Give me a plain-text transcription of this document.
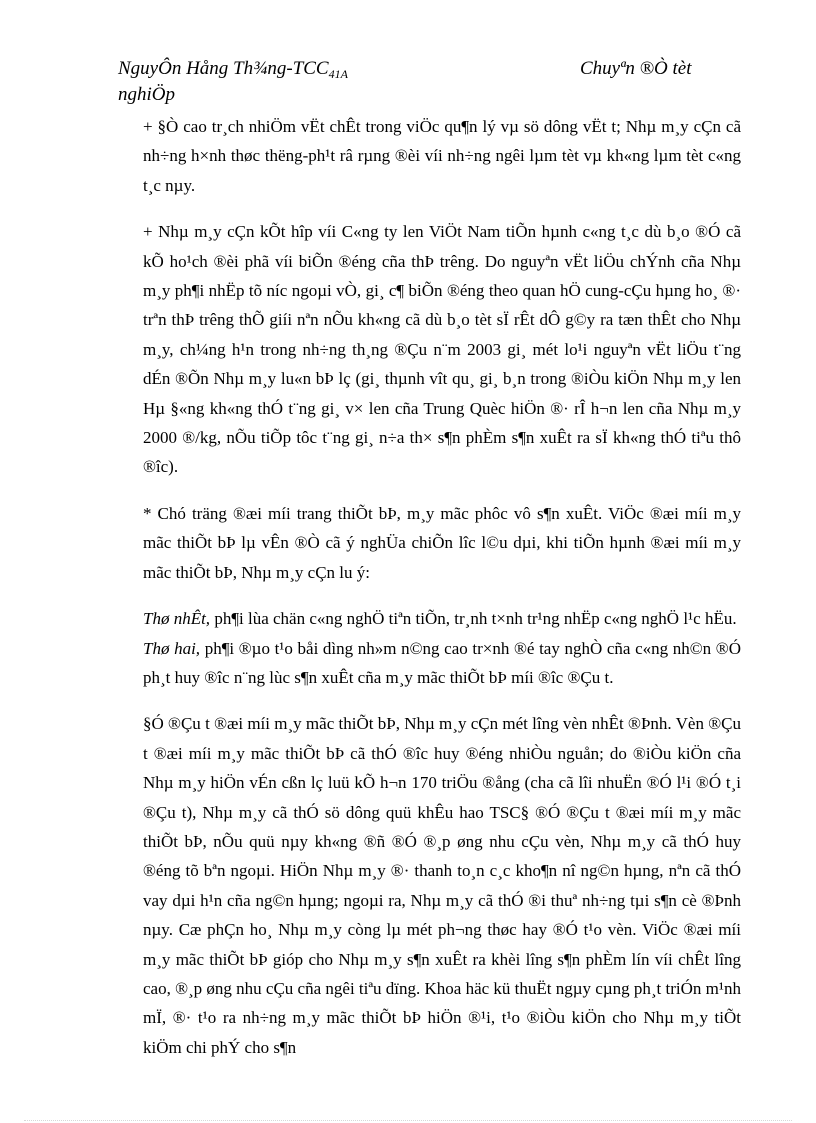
NguyÔn Hång Th¾ng-$TCC_{41A}$	Chuyªn ®Ò tèt
nghiÖp

+ §Ò cao tr¸ch nhiÖm vËt chÊt trong viÖc qu¶n lý vµ sö dông vËt t; Nhµ m¸y cÇn cã nh÷ng h×nh thøc thëng-ph¹t râ rµng ®èi víi nh÷ng ngêi lµm tèt vµ kh«ng lµm tèt c«ng t¸c nµy.

+ Nhµ m¸y cÇn kÕt hîp víi C«ng ty len ViÖt Nam tiÕn hµnh c«ng t¸c dù b¸o ®Ó cã kÕ ho¹ch ®èi phã víi biÕn ®éng cña thÞ trêng. Do nguyªn vËt liÖu chÝnh cña Nhµ m¸y ph¶i nhËp tõ níc ngoµi vÒ, gi¸ c¶ biÕn ®éng theo quan hÖ cung-cÇu hµng ho¸ ®· trªn thÞ trêng thÕ giíi nªn nÕu kh«ng cã dù b¸o tèt sÏ rÊt dÔ g©y ra tæn thÊt cho Nhµ m¸y, ch¼ng h¹n trong nh÷ng th¸ng ®Çu n¨m 2003 gi¸ mét lo¹i nguyªn vËt liÖu t¨ng dÉn ®Õn Nhµ m¸y lu«n bÞ lç (gi¸ thµnh vît qu¸ gi¸ b¸n trong ®iÒu kiÖn Nhµ m¸y len Hµ §«ng kh«ng thÓ t¨ng gi¸ v× len cña Trung Quèc hiÖn ®· rÎ h¬n len cña Nhµ m¸y 2000 ®/kg, nÕu tiÕp tôc t¨ng gi¸ n÷a th× s¶n phÈm s¶n xuÊt ra sÏ kh«ng thÓ tiªu thô ®îc).

* Chó träng ®æi míi trang thiÕt bÞ, m¸y mãc phôc vô s¶n xuÊt. ViÖc ®æi míi m¸y mãc thiÕt bÞ lµ vÊn ®Ò cã ý nghÜa chiÕn lîc l©u dµi, khi tiÕn hµnh ®æi míi m¸y mãc thiÕt bÞ, Nhµ m¸y cÇn lu ý:

Thø nhÊt, ph¶i lùa chän c«ng nghÖ tiªn tiÕn, tr¸nh t×nh tr¹ng nhËp c«ng nghÖ l¹c hËu.

Thø hai, ph¶i ®µo t¹o båi dìng nh»m n©ng cao tr×nh ®é tay nghÒ cña c«ng nh©n ®Ó ph¸t huy ®îc n¨ng lùc s¶n xuÊt cña m¸y mãc thiÕt bÞ míi ®îc ®Çu t.

§Ó ®Çu t ®æi míi m¸y mãc thiÕt bÞ, Nhµ m¸y cÇn mét lîng vèn nhÊt ®Þnh. Vèn ®Çu t ®æi míi m¸y mãc thiÕt bÞ cã thÓ ®îc huy ®éng nhiÒu nguån; do ®iÒu kiÖn cña Nhµ m¸y hiÖn vÉn cßn lç luü kÕ h¬n 170 triÖu ®ång (cha cã lîi nhuËn ®Ó l¹i ®Ó t¸i ®Çu t), Nhµ m¸y cã thÓ sö dông quü khÊu hao TSC§ ®Ó ®Çu t ®æi míi m¸y mãc thiÕt bÞ, nÕu quü nµy kh«ng ®ñ ®Ó ®¸p øng nhu cÇu vèn, Nhµ m¸y cã thÓ huy ®éng tõ bªn ngoµi. HiÖn Nhµ m¸y ®· thanh to¸n c¸c kho¶n nî ng©n hµng, nªn cã thÓ vay dµi h¹n cña ng©n hµng; ngoµi ra, Nhµ m¸y cã thÓ ®i thuª nh÷ng tµi s¶n cè ®Þnh nµy. Cæ phÇn ho¸ Nhµ m¸y còng lµ mét ph¬ng thøc hay ®Ó t¹o vèn. ViÖc ®æi míi m¸y mãc thiÕt bÞ gióp cho Nhµ m¸y s¶n xuÊt ra khèi lîng s¶n phÈm lín víi chÊt lîng cao, ®¸p øng nhu cÇu cña ngêi tiªu dïng. Khoa häc kü thuËt ngµy cµng ph¸t triÓn m¹nh mÏ, ®· t¹o ra nh÷ng m¸y mãc thiÕt bÞ hiÖn ®¹i, t¹o ®iÒu kiÖn cho Nhµ m¸y tiÕt kiÖm chi phÝ cho s¶n
